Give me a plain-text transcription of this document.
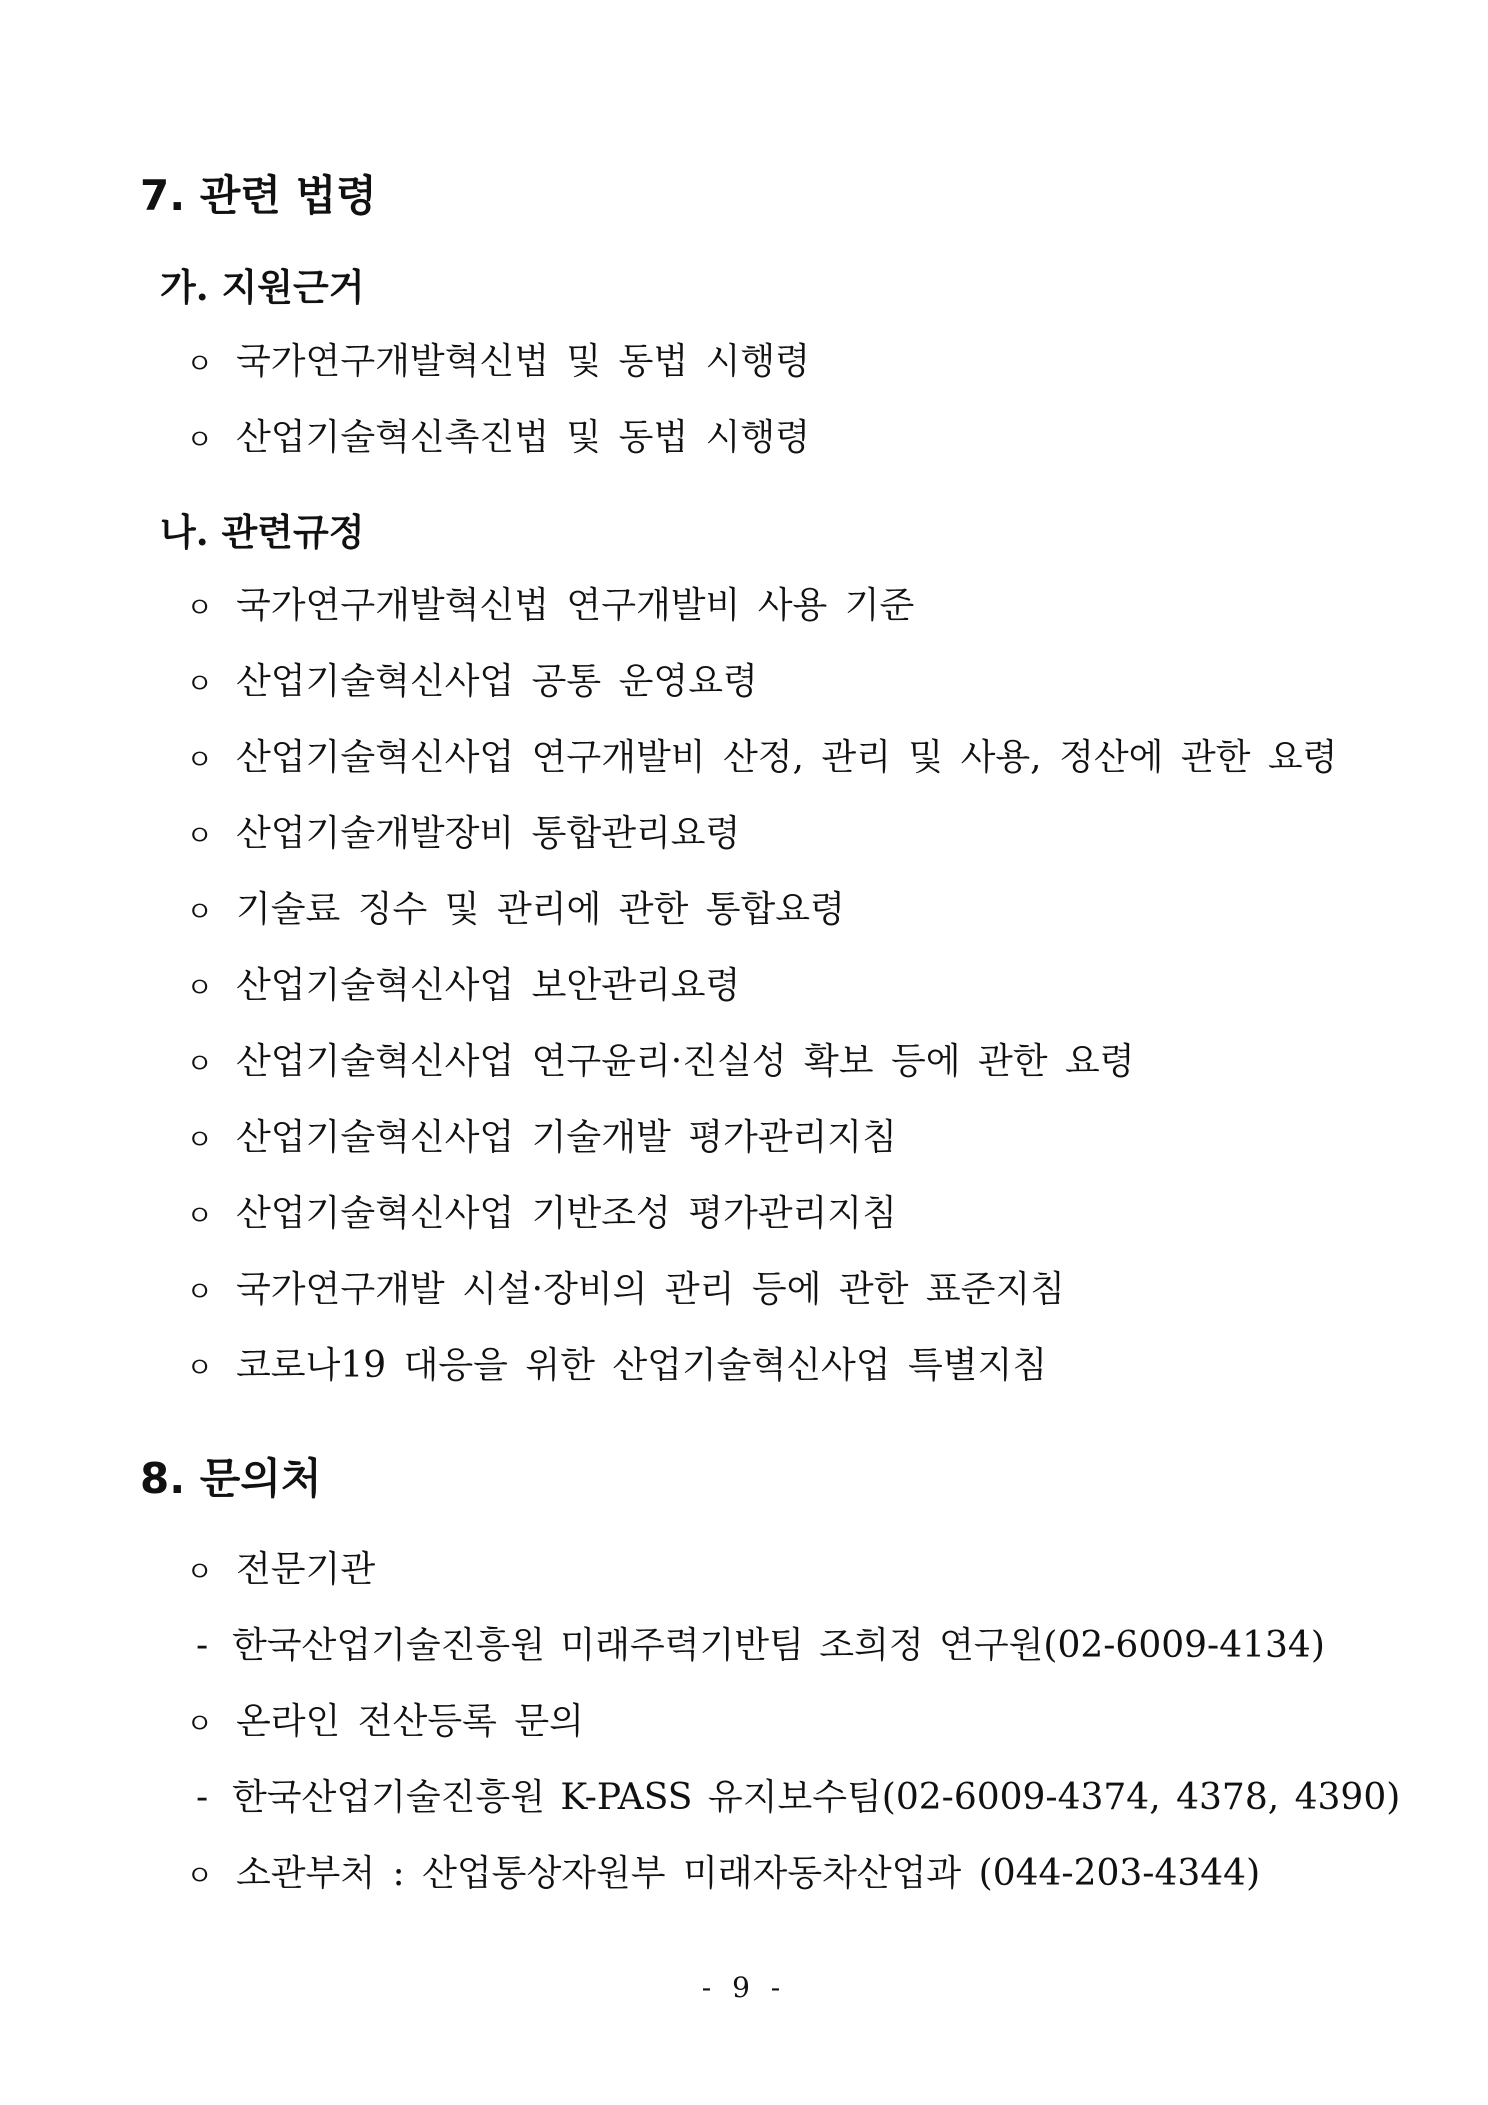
7. 관련 법령
가. 지원근거
ㅇ 국가연구개발혁신법 및 동법 시행령
ㅇ 산업기술혁신촉진법 및 동법 시행령
나. 관련규정
ㅇ 국가연구개발혁신법 연구개발비 사용 기준
ㅇ 산업기술혁신사업 공통 운영요령
ㅇ 산업기술혁신사업 연구개발비 산정, 관리 및 사용, 정산에 관한 요령
ㅇ 산업기술개발장비 통합관리요령
ㅇ 기술료 징수 및 관리에 관한 통합요령
ㅇ 산업기술혁신사업 보안관리요령
ㅇ 산업기술혁신사업 연구윤리·진실성 확보 등에 관한 요령
ㅇ 산업기술혁신사업 기술개발 평가관리지침
ㅇ 산업기술혁신사업 기반조성 평가관리지침
ㅇ 국가연구개발 시설·장비의 관리 등에 관한 표준지침
ㅇ 코로나19 대응을 위한 산업기술혁신사업 특별지침
8. 문의처
ㅇ 전문기관
- 한국산업기술진흥원 미래주력기반팀 조희정 연구원(02-6009-4134)
ㅇ 온라인 전산등록 문의
- 한국산업기술진흥원 K-PASS 유지보수팀(02-6009-4374, 4378, 4390)
ㅇ 소관부처 : 산업통상자원부 미래자동차산업과 (044-203-4344)
- 9 -
